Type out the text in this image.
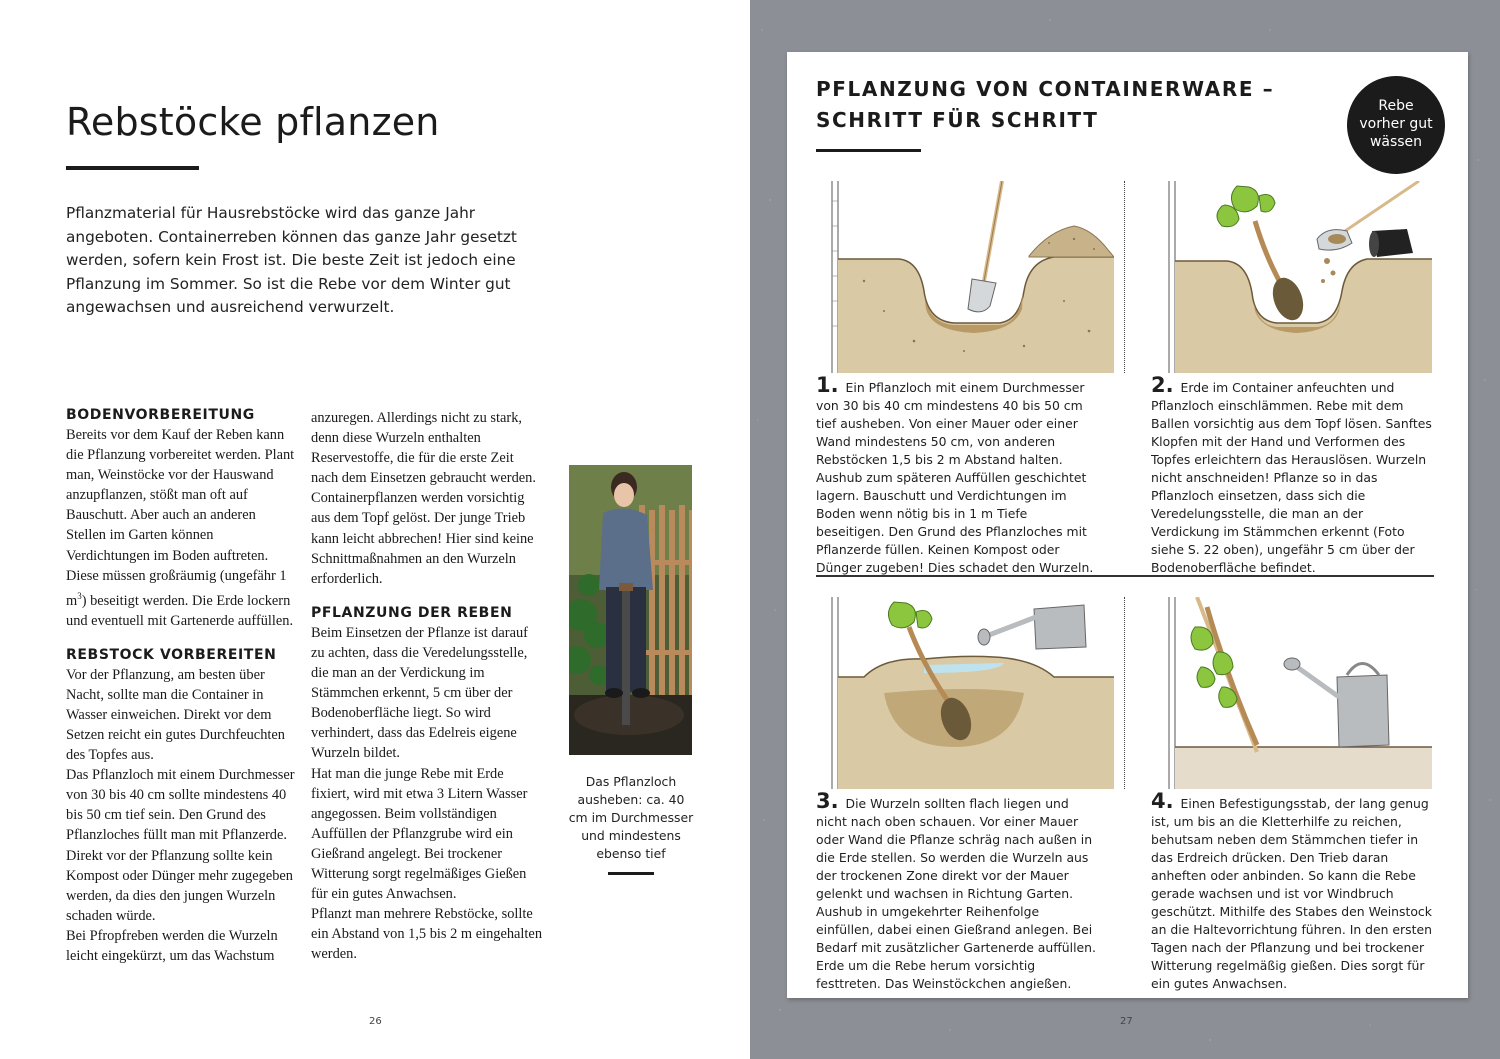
Rebstöcke pflanzen

Pflanzmaterial für Hausrebstöcke wird das ganze Jahr angeboten. Containerreben können das ganze Jahr gesetzt werden, sofern kein Frost ist. Die beste Zeit ist jedoch eine Pflanzung im Sommer. So ist die Rebe vor dem Winter gut angewachsen und ausreichend verwurzelt.

BODENVORBEREITUNG

Bereits vor dem Kauf der Reben kann die Pflanzung vorbereitet werden. Plant man, Weinstöcke vor der Hauswand anzupflanzen, stößt man oft auf Bauschutt. Aber auch an anderen Stellen im Garten können Verdichtungen im Boden auftreten. Diese müssen großräumig (ungefähr 1 $m^3$) beseitigt werden. Die Erde lockern und eventuell mit Gartenerde auffüllen.

REBSTOCK VORBEREITEN

Vor der Pflanzung, am besten über Nacht, sollte man die Container in Wasser einweichen. Direkt vor dem Setzen reicht ein gutes Durchfeuchten des Topfes aus.

Das Pflanzloch mit einem Durchmesser von 30 bis 40 cm sollte mindestens 40 bis 50 cm tief sein. Den Grund des Pflanzloches füllt man mit Pflanzerde. Direkt vor der Pflanzung sollte kein Kompost oder Dünger mehr zugegeben werden, da dies den jungen Wurzeln schaden würde.

Bei Pfropfreben werden die Wurzeln leicht eingekürzt, um das Wachstum

anzuregen. Allerdings nicht zu stark, denn diese Wurzeln enthalten Reservestoffe, die für die erste Zeit nach dem Einsetzen gebraucht werden. Containerpflanzen werden vorsichtig aus dem Topf gelöst. Der junge Trieb kann leicht abbrechen! Hier sind keine Schnittmaßnahmen an den Wurzeln erforderlich.

PFLANZUNG DER REBEN

Beim Einsetzen der Pflanze ist darauf zu achten, dass die Veredelungsstelle, die man an der Verdickung im Stämmchen erkennt, 5 cm über der Bodenoberfläche liegt. So wird verhindert, dass das Edelreis eigene Wurzeln bildet.

Hat man die junge Rebe mit Erde fixiert, wird mit etwa 3 Litern Wasser angegossen. Beim vollständigen Auffüllen der Pflanzgrube wird ein Gießrand angelegt. Bei trockener Witterung sorgt regelmäßiges Gießen für ein gutes Anwachsen.

Pflanzt man mehrere Rebstöcke, sollte ein Abstand von 1,5 bis 2 m eingehalten werden.

Das Pflanzloch ausheben: ca. 40 cm im Durchmesser und mindestens ebenso tief

26
PFLANZUNG VON CONTAINERWARE –
SCHRITT FÜR SCHRITT
Rebe
vorher gut
wässen

1. Ein Pflanzloch mit einem Durchmesser von 30 bis 40 cm mindestens 40 bis 50 cm tief ausheben. Von einer Mauer oder einer Wand mindestens 50 cm, von anderen Rebstöcken 1,5 bis 2 m Abstand halten. Aushub zum späteren Auffüllen geschichtet lagern. Bauschutt und Verdichtungen im Boden wenn nötig bis in 1 m Tiefe beseitigen. Den Grund des Pflanzloches mit Pflanzerde füllen. Keinen Kompost oder Dünger zugeben! Dies schadet den Wurzeln.

2. Erde im Container anfeuchten und Pflanzloch einschlämmen. Rebe mit dem Ballen vorsichtig aus dem Topf lösen. Sanftes Klopfen mit der Hand und Verformen des Topfes erleichtern das Herauslösen. Wurzeln nicht anschneiden! Pflanze so in das Pflanzloch einsetzen, dass sich die Veredelungsstelle, die man an der Verdickung im Stämmchen erkennt (Foto siehe S. 22 oben), ungefähr 5 cm über der Bodenoberfläche befindet.

3. Die Wurzeln sollten flach liegen und nicht nach oben schauen. Vor einer Mauer oder Wand die Pflanze schräg nach außen in die Erde stellen. So werden die Wurzeln aus der trockenen Zone direkt vor der Mauer gelenkt und wachsen in Richtung Garten. Aushub in umgekehrter Reihenfolge einfüllen, dabei einen Gießrand anlegen. Bei Bedarf mit zusätzlicher Gartenerde auffüllen. Erde um die Rebe herum vorsichtig festtreten. Das Weinstöckchen angießen.

4. Einen Befestigungsstab, der lang genug ist, um bis an die Kletterhilfe zu reichen, behutsam neben dem Stämmchen tiefer in das Erdreich drücken. Den Trieb daran anheften oder anbinden. So kann die Rebe gerade wachsen und ist vor Windbruch geschützt. Mithilfe des Stabes den Weinstock an die Haltevorrichtung führen. In den ersten Tagen nach der Pflanzung und bei trockener Witterung regelmäßig gießen. Dies sorgt für ein gutes Anwachsen.

27
